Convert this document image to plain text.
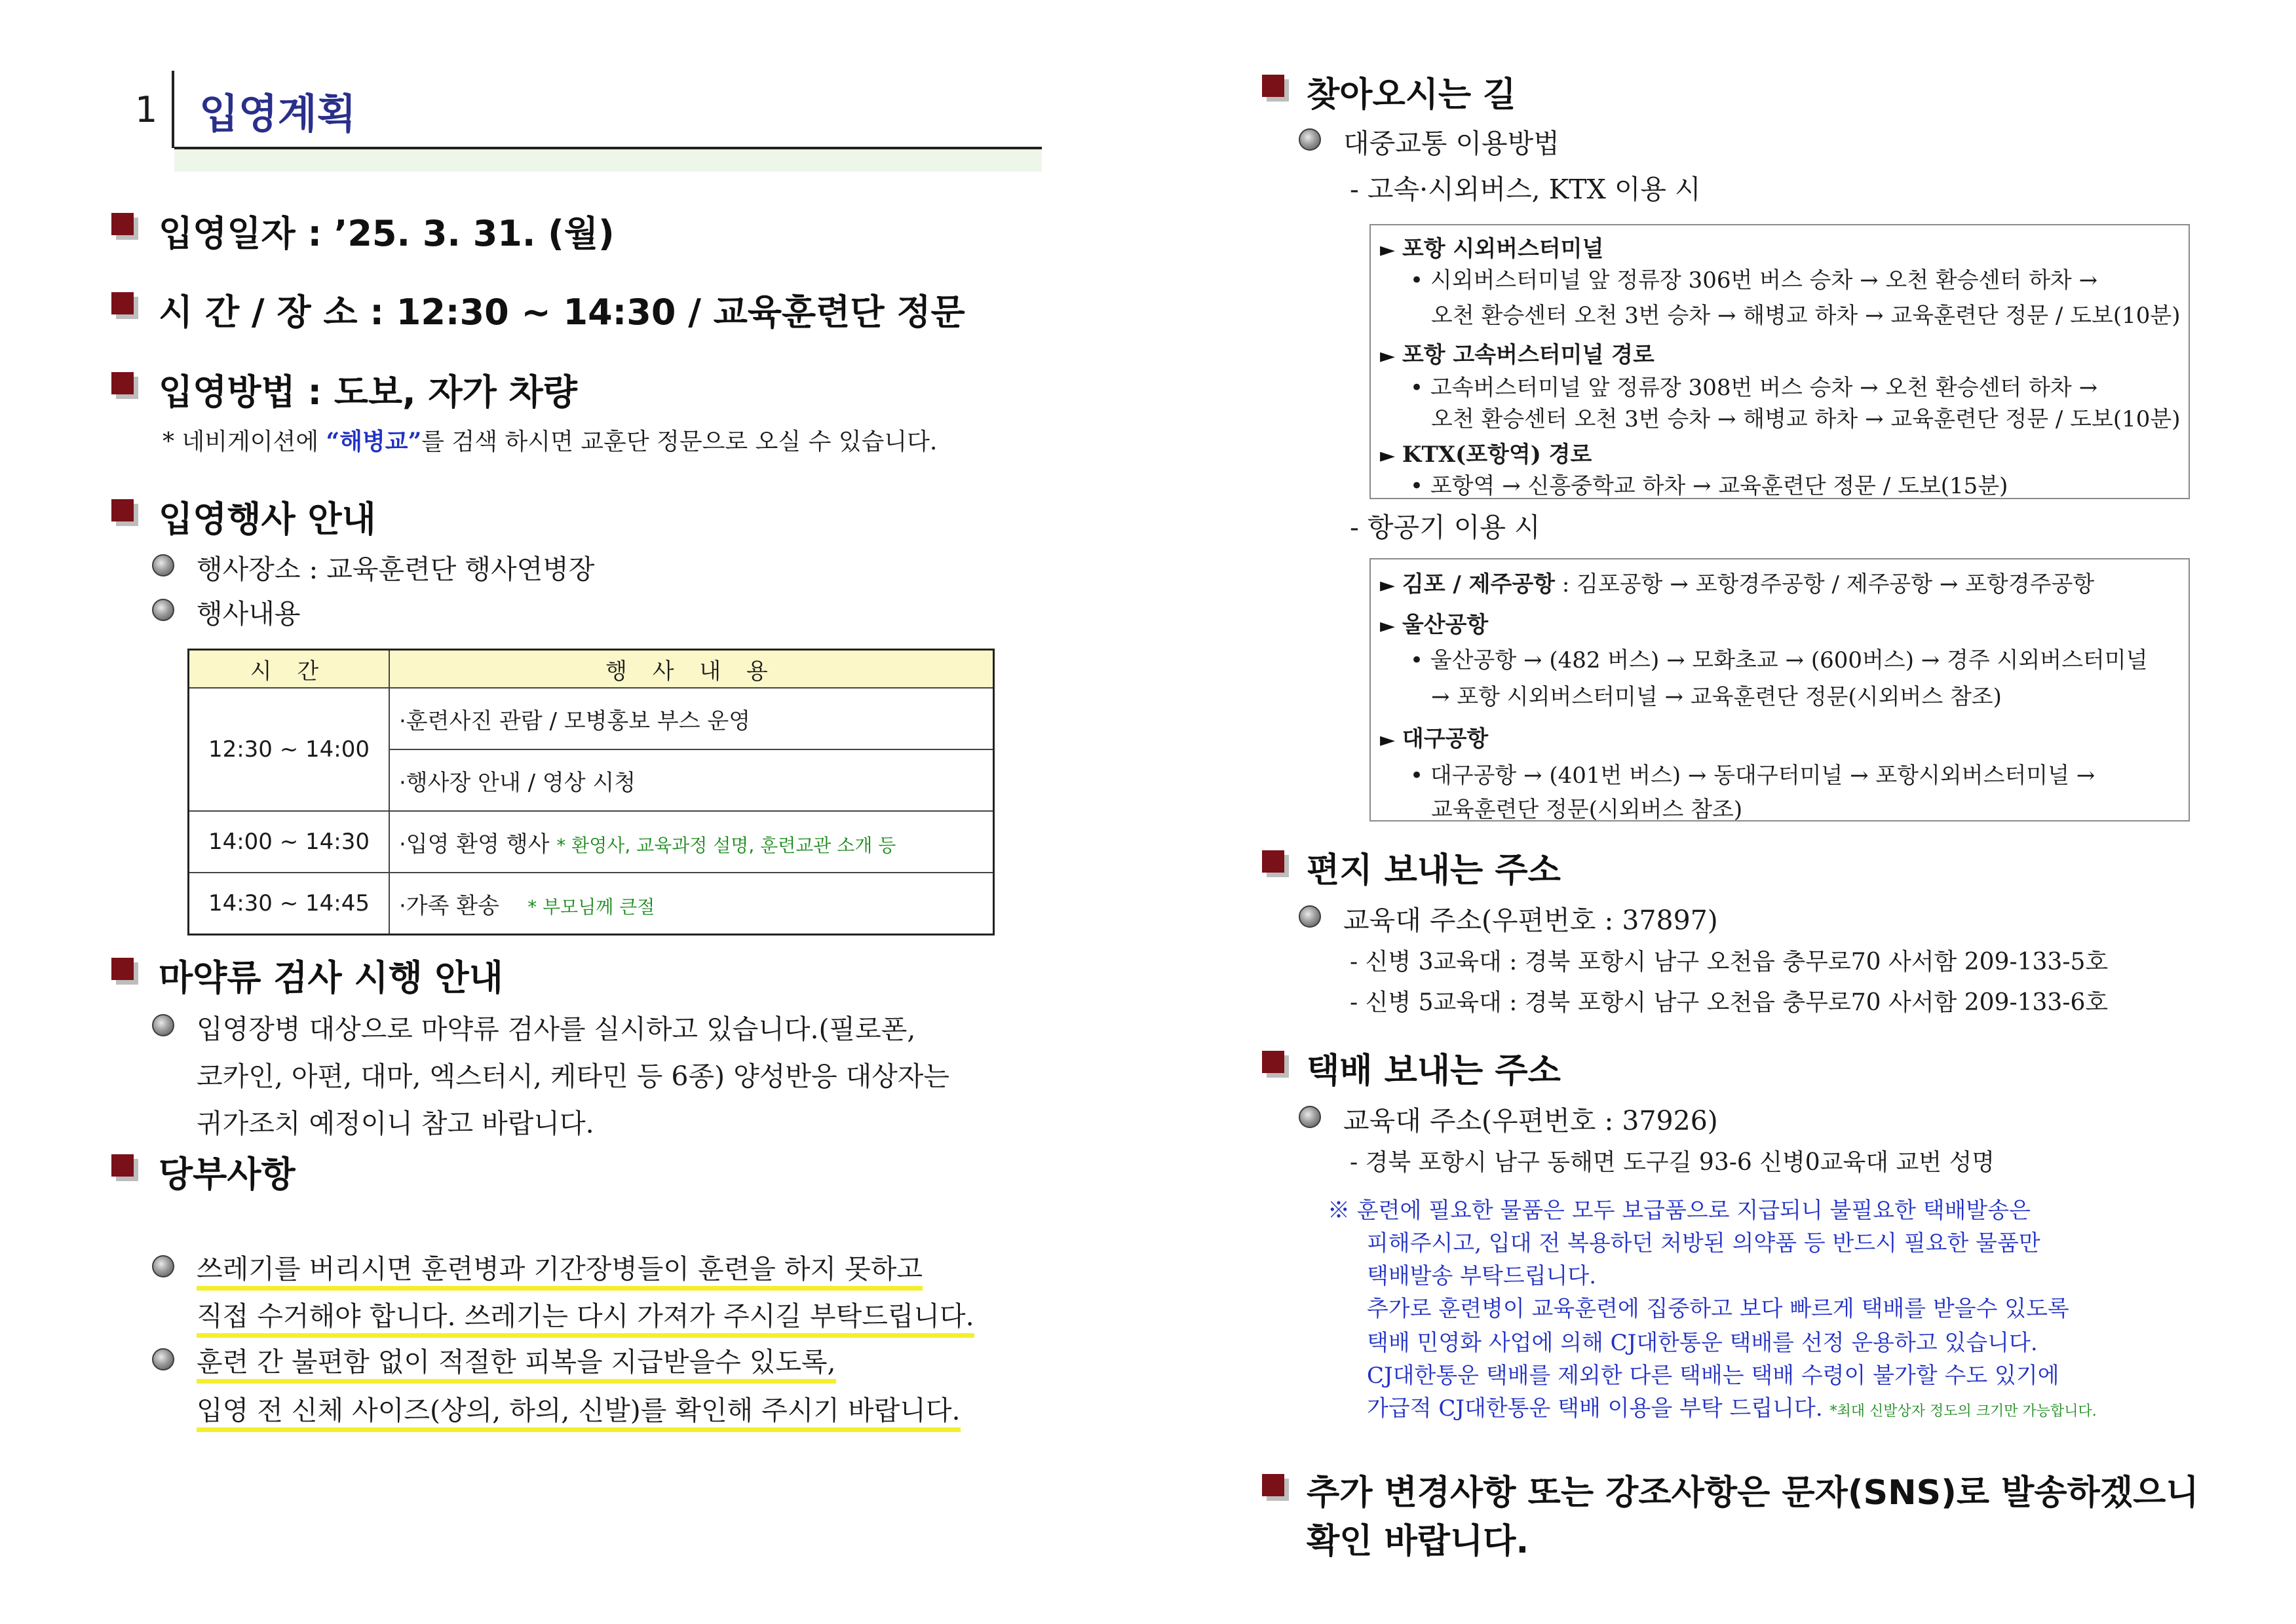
1 입영계획
입영일자 : ’25. 3. 31. (월)
시 간 / 장 소 : 12:30 ~ 14:30 / 교육훈련단 정문
입영방법 : 도보, 자가 차량
* 네비게이션에 “해병교”를 검색 하시면 교훈단 정문으로 오실 수 있습니다.
입영행사 안내
행사장소 : 교육훈련단 행사연병장
행사내용
시 간	행 사 내 용
12:30 ~ 14:00	·훈련사진 관람 / 모병홍보 부스 운영
	·행사장 안내 / 영상 시청
14:00 ~ 14:30	·입영 환영 행사 * 환영사, 교육과정 설명, 훈련교관 소개 등
14:30 ~ 14:45	·가족 환송 * 부모님께 큰절
마약류 검사 시행 안내
입영장병 대상으로 마약류 검사를 실시하고 있습니다.(필로폰,
코카인, 아편, 대마, 엑스터시, 케타민 등 6종) 양성반응 대상자는
귀가조치 예정이니 참고 바랍니다.
당부사항
쓰레기를 버리시면 훈련병과 기간장병들이 훈련을 하지 못하고
직접 수거해야 합니다. 쓰레기는 다시 가져가 주시길 부탁드립니다.
훈련 간 불편함 없이 적절한 피복을 지급받을수 있도록,
입영 전 신체 사이즈(상의, 하의, 신발)를 확인해 주시기 바랍니다.
찾아오시는 길
대중교통 이용방법
- 고속·시외버스, KTX 이용 시
► 포항 시외버스터미널
• 시외버스터미널 앞 정류장 306번 버스 승차 → 오천 환승센터 하차 →
오천 환승센터 오천 3번 승차 → 해병교 하차 → 교육훈련단 정문 / 도보(10분)
► 포항 고속버스터미널 경로
• 고속버스터미널 앞 정류장 308번 버스 승차 → 오천 환승센터 하차 →
오천 환승센터 오천 3번 승차 → 해병교 하차 → 교육훈련단 정문 / 도보(10분)
► KTX(포항역) 경로
• 포항역 → 신흥중학교 하차 → 교육훈련단 정문 / 도보(15분)
- 항공기 이용 시
► 김포 / 제주공항 : 김포공항 → 포항경주공항 / 제주공항 → 포항경주공항
► 울산공항
• 울산공항 → (482 버스) → 모화초교 → (600버스) → 경주 시외버스터미널
→ 포항 시외버스터미널 → 교육훈련단 정문(시외버스 참조)
► 대구공항
• 대구공항 → (401번 버스) → 동대구터미널 → 포항시외버스터미널 →
교육훈련단 정문(시외버스 참조)
편지 보내는 주소
교육대 주소(우편번호 : 37897)
- 신병 3교육대 : 경북 포항시 남구 오천읍 충무로70 사서함 209-133-5호
- 신병 5교육대 : 경북 포항시 남구 오천읍 충무로70 사서함 209-133-6호
택배 보내는 주소
교육대 주소(우편번호 : 37926)
- 경북 포항시 남구 동해면 도구길 93-6 신병0교육대 교번 성명
※ 훈련에 필요한 물품은 모두 보급품으로 지급되니 불필요한 택배발송은
피해주시고, 입대 전 복용하던 처방된 의약품 등 반드시 필요한 물품만
택배발송 부탁드립니다.
추가로 훈련병이 교육훈련에 집중하고 보다 빠르게 택배를 받을수 있도록
택배 민영화 사업에 의해 CJ대한통운 택배를 선정 운용하고 있습니다.
CJ대한통운 택배를 제외한 다른 택배는 택배 수령이 불가할 수도 있기에
가급적 CJ대한통운 택배 이용을 부탁 드립니다. *최대 신발상자 정도의 크기만 가능합니다.
추가 변경사항 또는 강조사항은 문자(SNS)로 발송하겠으니
확인 바랍니다.
